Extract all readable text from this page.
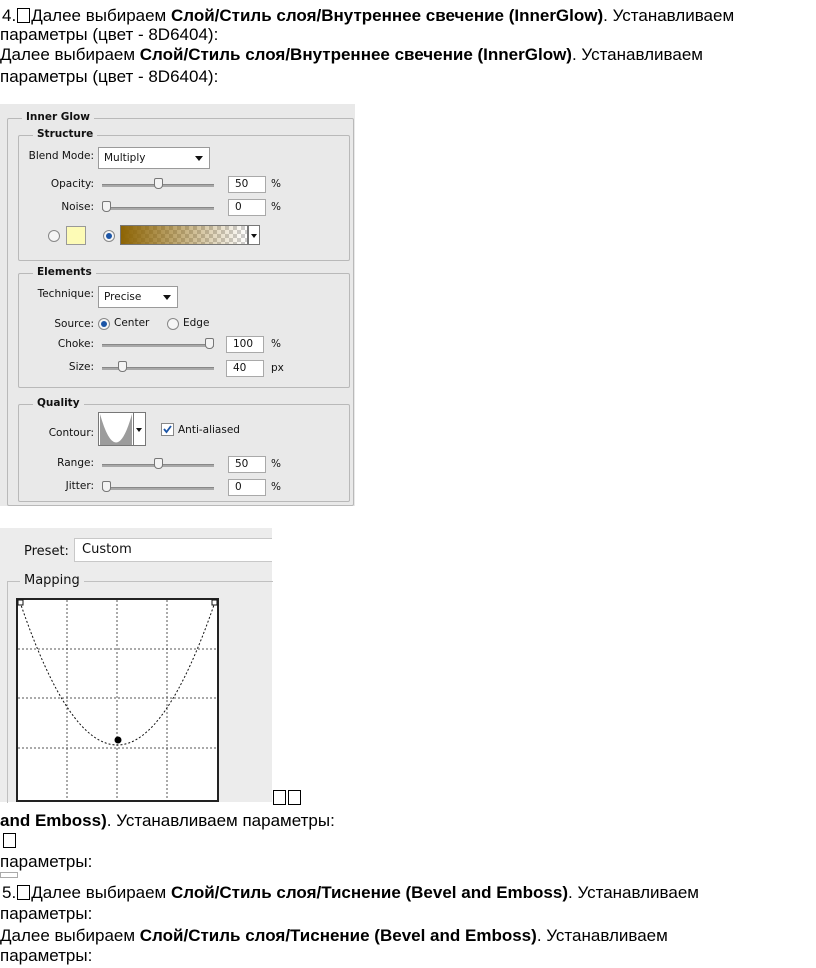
4. Далее выбираем Слой/Стиль слоя/Внутреннее свечение (InnerGlow). Устанавливаем
параметры (цвет - 8D6404):
Далее выбираем Слой/Стиль слоя/Внутреннее свечение (InnerGlow). Устанавливаем
параметры (цвет - 8D6404):
Inner Glow
Structure
Blend Mode: Multiply
Opacity:	50	%
Noise:	0	%
Elements
Technique: Precise
Source: Center	Edge
Choke:	100	%
Size:	40	px
Quality
Contour:	Anti-aliased
Range:	50	%
Jitter:	0	%
Preset:	Custom
Mapping
and Emboss). Устанавливаем параметры:
параметры:
5. Далее выбираем Слой/Стиль слоя/Тиснение (Bevel and Emboss). Устанавливаем
параметры:
Далее выбираем Слой/Стиль слоя/Тиснение (Bevel and Emboss). Устанавливаем
параметры:
